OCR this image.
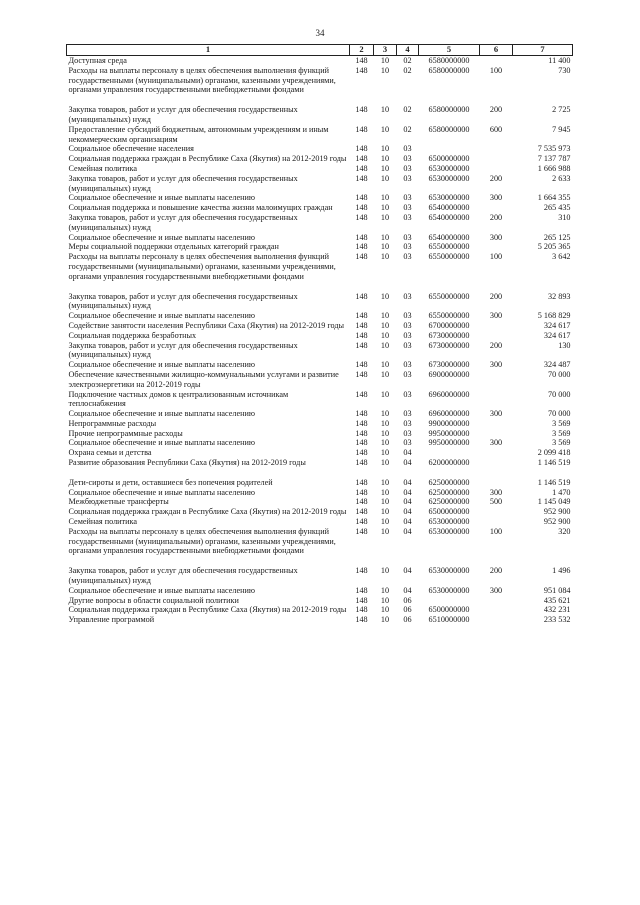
34
1	2	3	4	5	6	7
Доступная среда	148	10	02	6580000000		11 400
Расходы на выплаты персоналу в целях обеспечения выполнения функций государственными (муниципальными) органами, казенными учреждениями, органами управления государственными внебюджетными фондами	148	10	02	6580000000	100	730

Закупка товаров, работ и услуг для обеспечения государственных (муниципальных) нужд	148	10	02	6580000000	200	2 725
Предоставление субсидий бюджетным, автономным учреждениям и иным некоммерческим организациям	148	10	02	6580000000	600	7 945
Социальное обеспечение населения	148	10	03			7 535 973
Социальная поддержка граждан в Республике Саха (Якутия) на 2012-2019 годы	148	10	03	6500000000		7 137 787
Семейная политика	148	10	03	6530000000		1 666 988
Закупка товаров, работ и услуг для обеспечения государственных (муниципальных) нужд	148	10	03	6530000000	200	2 633
Социальное обеспечение и иные выплаты населению	148	10	03	6530000000	300	1 664 355
Социальная поддержка и повышение качества жизни малоимущих граждан	148	10	03	6540000000		265 435
Закупка товаров, работ и услуг для обеспечения государственных (муниципальных) нужд	148	10	03	6540000000	200	310
Социальное обеспечение и иные выплаты населению	148	10	03	6540000000	300	265 125
Меры социальной поддержки отдельных категорий граждан	148	10	03	6550000000		5 205 365
Расходы на выплаты персоналу в целях обеспечения выполнения функций государственными (муниципальными) органами, казенными учреждениями, органами управления государственными внебюджетными фондами	148	10	03	6550000000	100	3 642

Закупка товаров, работ и услуг для обеспечения государственных (муниципальных) нужд	148	10	03	6550000000	200	32 893
Социальное обеспечение и иные выплаты населению	148	10	03	6550000000	300	5 168 829
Содействие занятости населения Республики Саха (Якутия) на 2012-2019 годы	148	10	03	6700000000		324 617
Социальная поддержка безработных	148	10	03	6730000000		324 617
Закупка товаров, работ и услуг для обеспечения государственных (муниципальных) нужд	148	10	03	6730000000	200	130
Социальное обеспечение и иные выплаты населению	148	10	03	6730000000	300	324 487
Обеспечение качественными жилищно-коммунальными услугами и развитие электроэнергетики на 2012-2019 годы	148	10	03	6900000000		70 000
Подключение частных домов к централизованным источникам теплоснабжения	148	10	03	6960000000		70 000
Социальное обеспечение и иные выплаты населению	148	10	03	6960000000	300	70 000
Непрограммные расходы	148	10	03	9900000000		3 569
Прочие непрограммные расходы	148	10	03	9950000000		3 569
Социальное обеспечение и иные выплаты населению	148	10	03	9950000000	300	3 569
Охрана семьи и детства	148	10	04			2 099 418
Развитие образования Республики Саха (Якутия) на 2012-2019 годы	148	10	04	6200000000		1 146 519

Дети-сироты и дети, оставшиеся без попечения родителей	148	10	04	6250000000		1 146 519
Социальное обеспечение и иные выплаты населению	148	10	04	6250000000	300	1 470
Межбюджетные трансферты	148	10	04	6250000000	500	1 145 049
Социальная поддержка граждан в Республике Саха (Якутия) на 2012-2019 годы	148	10	04	6500000000		952 900
Семейная политика	148	10	04	6530000000		952 900
Расходы на выплаты персоналу в целях обеспечения выполнения функций государственными (муниципальными) органами, казенными учреждениями, органами управления государственными внебюджетными фондами	148	10	04	6530000000	100	320

Закупка товаров, работ и услуг для обеспечения государственных (муниципальных) нужд	148	10	04	6530000000	200	1 496
Социальное обеспечение и иные выплаты населению	148	10	04	6530000000	300	951 084
Другие вопросы в области социальной политики	148	10	06			435 621
Социальная поддержка граждан в Республике Саха (Якутия) на 2012-2019 годы	148	10	06	6500000000		432 231
Управление программой	148	10	06	6510000000		233 532
